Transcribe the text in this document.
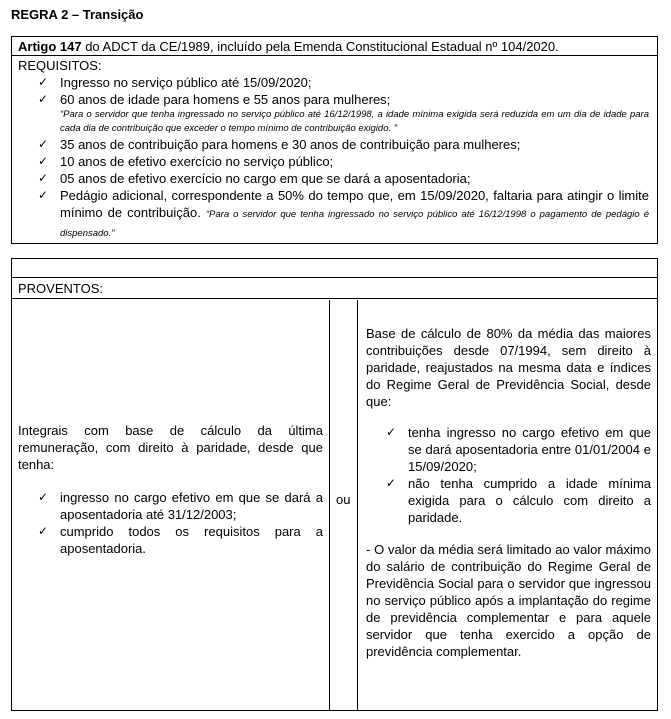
REGRA 2 – Transição
Artigo 147 do ADCT da CE/1989, incluído pela Emenda Constitucional Estadual nº 104/2020.
REQUISITOS:
✓ Ingresso no serviço público até 15/09/2020;
✓ 60 anos de idade para homens e 55 anos para mulheres;
“Para o servidor que tenha ingressado no serviço público até 16/12/1998, a idade mínima exigida será reduzida em um dia de idade para cada dia de contribuição que exceder o tempo mínimo de contribuição exigido. ”
✓ 35 anos de contribuição para homens e 30 anos de contribuição para mulheres;
✓ 10 anos de efetivo exercício no serviço público;
✓ 05 anos de efetivo exercício no cargo em que se dará a aposentadoria;
✓ Pedágio adicional, correspondente a 50% do tempo que, em 15/09/2020, faltaria para atingir o limite mínimo de contribuição. “Para o servidor que tenha ingressado no serviço público até 16/12/1998 o pagamento de pedágio é dispensado.”
PROVENTOS:

Integrais com base de cálculo da última remuneração, com direito à paridade, desde que tenha:

✓ ingresso no cargo efetivo em que se dará a aposentadoria até 31/12/2003;
✓ cumprido todos os requisitos para a aposentadoria.
ou

Base de cálculo de 80% da média das maiores contribuições desde 07/1994, sem direito à paridade, reajustados na mesma data e índices do Regime Geral de Previdência Social, desde que:

✓ tenha ingresso no cargo efetivo em que se dará aposentadoria entre 01/01/2004 e 15/09/2020;
✓ não tenha cumprido a idade mínima exigida para o cálculo com direito a paridade.

- O valor da média será limitado ao valor máximo do salário de contribuição do Regime Geral de Previdência Social para o servidor que ingressou no serviço público após a implantação do regime de previdência complementar e para aquele servidor que tenha exercido a opção de previdência complementar.
